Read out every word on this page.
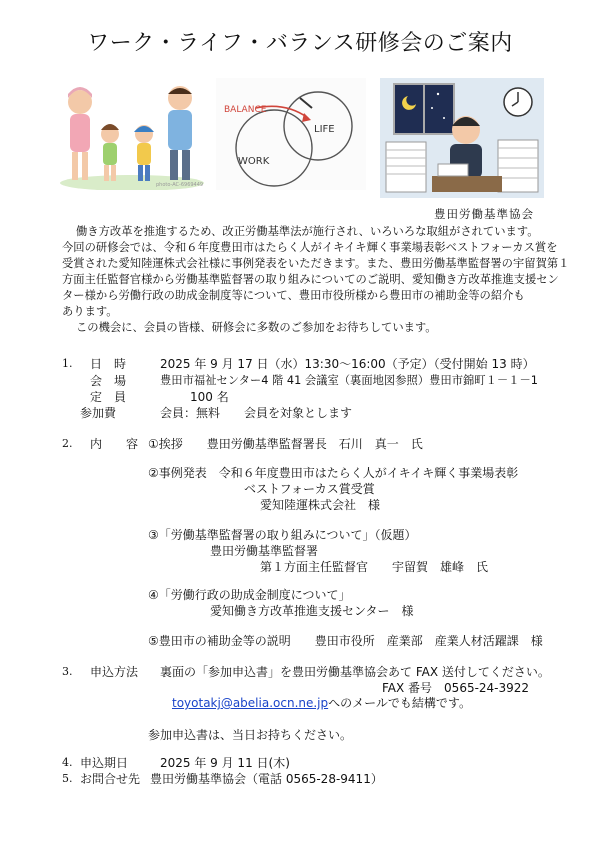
ワーク・ライフ・バランス研修会のご案内
photo-AC-6969449
BALANCE
LIFE
WORK
豊田労働基準協会
働き方改革を推進するため、改正労働基準法が施行され、いろいろな取組がされています。
今回の研修会では、令和６年度豊田市はたらく人がイキイキ輝く事業場表彰ベストフォーカス賞を
受賞された愛知陸運株式会社様に事例発表をいただきます。また、豊田労働基準監督署の宇留賀第１
方面主任監督官様から労働基準監督署の取り組みについてのご説明、愛知働き方改革推進支援セン
ター様から労働行政の助成金制度等について、豊田市役所様から豊田市の補助金等の紹介も
あります。
この機会に、会員の皆様、研修会に多数のご参加をお待ちしています。
1. 日　時	2025 年 9 月 17 日（水）13:30〜16:00（予定）（受付開始 13 時）
会　場	豊田市福祉センター4 階 41 会議室（裏面地図参照）豊田市錦町１－１－1
定　員	100 名
参加費	会員：無料　　会員を対象とします
2. 内　　容 ①挨拶　　豊田労働基準監督署長　石川　真一　氏
②事例発表　令和６年度豊田市はたらく人がイキイキ輝く事業場表彰
ベストフォーカス賞受賞
愛知陸運株式会社　様
③「労働基準監督署の取り組みについて」（仮題）
豊田労働基準監督署
第１方面主任監督官　　宇留賀　雄峰　氏
④「労働行政の助成金制度について」
愛知働き方改革推進支援センター　様
⑤豊田市の補助金等の説明　　豊田市役所　産業部　産業人材活躍課　様
3. 申込方法 裏面の「参加申込書」を豊田労働基準協会あて FAX 送付してください。
FAX 番号　0565-24-3922
toyotakj@abelia.ocn.ne.jpへのメールでも結構です。
参加申込書は、当日お持ちください。
4. 申込期日	2025 年 9 月 11 日(木)
5. お問合せ先 豊田労働基準協会（電話 0565-28-9411）
